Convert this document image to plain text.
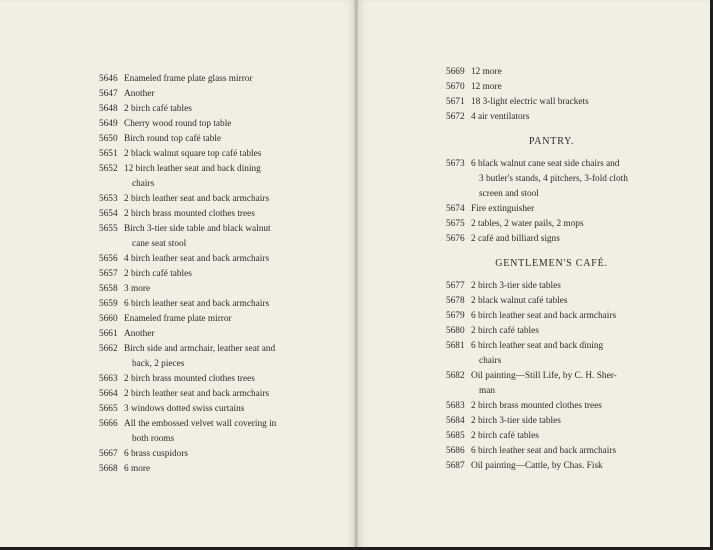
5646 Enameled frame plate glass mirror
5647 Another
5648 2 birch café tables
5649 Cherry wood round top table
5650 Birch round top café table
5651 2 black walnut square top café tables
5652 12 birch leather seat and back dining
chairs
5653 2 birch leather seat and back armchairs
5654 2 birch brass mounted clothes trees
5655 Birch 3-tier side table and black walnut
cane seat stool
5656 4 birch leather seat and back armchairs
5657 2 birch café tables
5658 3 more
5659 6 birch leather seat and back armchairs
5660 Enameled frame plate mirror
5661 Another
5662 Birch side and armchair, leather seat and
back, 2 pieces
5663 2 birch brass mounted clothes trees
5664 2 birch leather seat and back armchairs
5665 3 windows dotted swiss curtains
5666 All the embossed velvet wall covering in
both rooms
5667 6 brass cuspidors
5668 6 more
5669 12 more
5670 12 more
5671 18 3-light electric wall brackets
5672 4 air ventilators
PANTRY.
5673 6 black walnut cane seat side chairs and
3 butler's stands, 4 pitchers, 3-fold cloth
screen and stool
5674 Fire extinguisher
5675 2 tables, 2 water pails, 2 mops
5676 2 café and billiard signs
GENTLEMEN'S CAFÉ.
5677 2 birch 3-tier side tables
5678 2 black walnut café tables
5679 6 birch leather seat and back armchairs
5680 2 birch café tables
5681 6 birch leather seat and back dining
chairs
5682 Oil painting—Still Life, by C. H. Sher-
man
5683 2 birch brass mounted clothes trees
5684 2 birch 3-tier side tables
5685 2 birch café tables
5686 6 birch leather seat and back armchairs
5687 Oil painting—Cattle, by Chas. Fisk
